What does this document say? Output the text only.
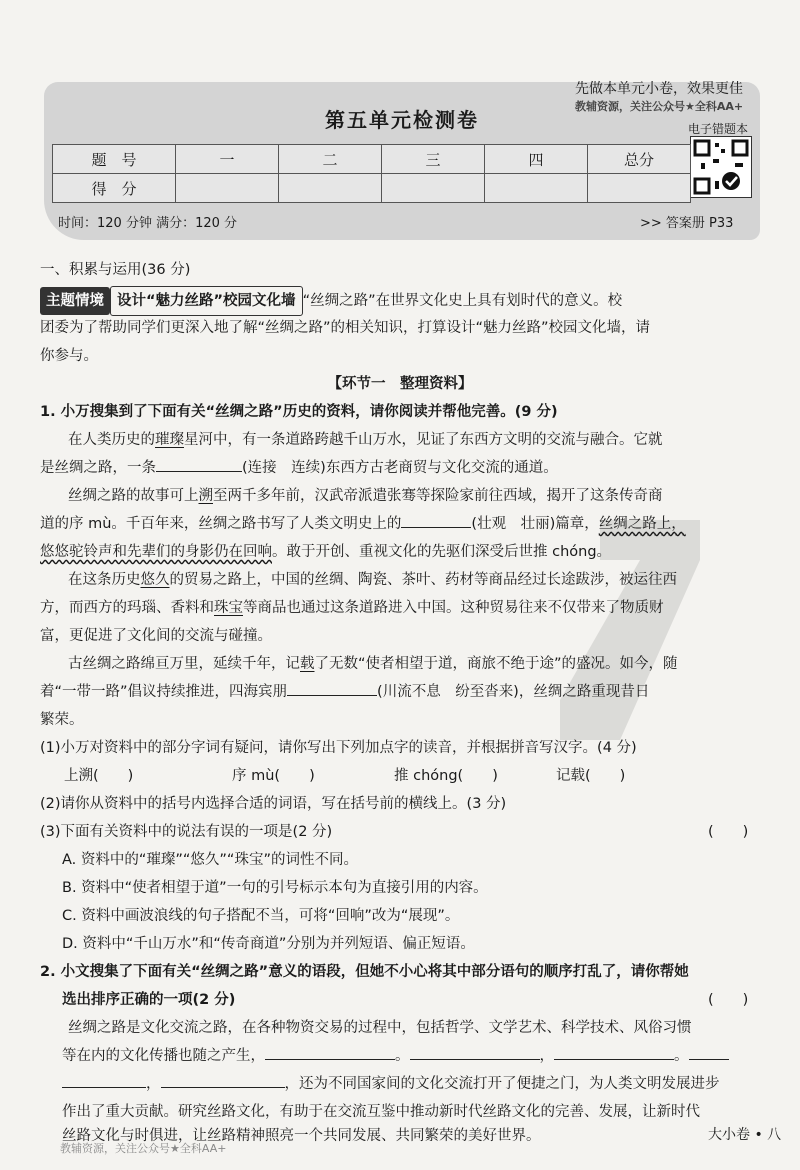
第五单元检测卷
先做本单元小卷，效果更佳
教辅资源，关注公众号★全科AA+
电子错题本
题　号	一	二	三	四	总分
得　分					
时间：120 分钟 满分：120 分	>> 答案册 P33
一、积累与运用(36 分)
主题情境 设计“魅力丝路”校园文化墙 “丝绸之路”在世界文化史上具有划时代的意义。校
团委为了帮助同学们更深入地了解“丝绸之路”的相关知识，打算设计“魅力丝路”校园文化墙，请
你参与。
【环节一　整理资料】
1. 小万搜集到了下面有关“丝绸之路”历史的资料，请你阅读并帮他完善。(9 分)
在人类历史的璀璨星河中，有一条道路跨越千山万水，见证了东西方文明的交流与融合。它就
是丝绸之路，一条	(连接　连续)东西方古老商贸与文化交流的通道。
丝绸之路的故事可上溯至两千多年前，汉武帝派遣张骞等探险家前往西域，揭开了这条传奇商
道的序 mù。千百年来，丝绸之路书写了人类文明史上的	(壮观　壮丽)篇章，丝绸之路上，
悠悠驼铃声和先辈们的身影仍在回响。敢于开创、重视文化的先驱们深受后世推 chóng。
在这条历史悠久的贸易之路上，中国的丝绸、陶瓷、茶叶、药材等商品经过长途跋涉，被运往西
方，而西方的玛瑙、香料和珠宝等商品也通过这条道路进入中国。这种贸易往来不仅带来了物质财
富，更促进了文化间的交流与碰撞。
古丝绸之路绵亘万里，延续千年，记载了无数“使者相望于道，商旅不绝于途”的盛况。如今，随
着“一带一路”倡议持续推进，四海宾朋	(川流不息　纷至沓来)，丝绸之路重现昔日
繁荣。
(1)小万对资料中的部分字词有疑问，请你写出下列加点字的读音，并根据拼音写汉字。(4 分)
上溯(　　)	序 mù(　　)	推 chóng(　　)	记载(　　)
(2)请你从资料中的括号内选择合适的词语，写在括号前的横线上。(3 分)
(3)下面有关资料中的说法有误的一项是(2 分)	(　　)
A. 资料中的“璀璨”“悠久”“珠宝”的词性不同。
B. 资料中“使者相望于道”一句的引号标示本句为直接引用的内容。
C. 资料中画波浪线的句子搭配不当，可将“回响”改为“展现”。
D. 资料中“千山万水”和“传奇商道”分别为并列短语、偏正短语。
2. 小文搜集了下面有关“丝绸之路”意义的语段，但她不小心将其中部分语句的顺序打乱了，请你帮她
选出排序正确的一项(2 分)	(　　)
丝绸之路是文化交流之路，在各种物资交易的过程中，包括哲学、文学艺术、科学技术、风俗习惯
等在内的文化传播也随之产生，	。	，	。
，	，还为不同国家间的文化交流打开了便捷之门，为人类文明发展进步
作出了重大贡献。研究丝路文化，有助于在交流互鉴中推动新时代丝路文化的完善、发展，让新时代
丝路文化与时俱进，让丝路精神照亮一个共同发展、共同繁荣的美好世界。
教辅资源，关注公众号★全科AA+
大小卷 • 八
